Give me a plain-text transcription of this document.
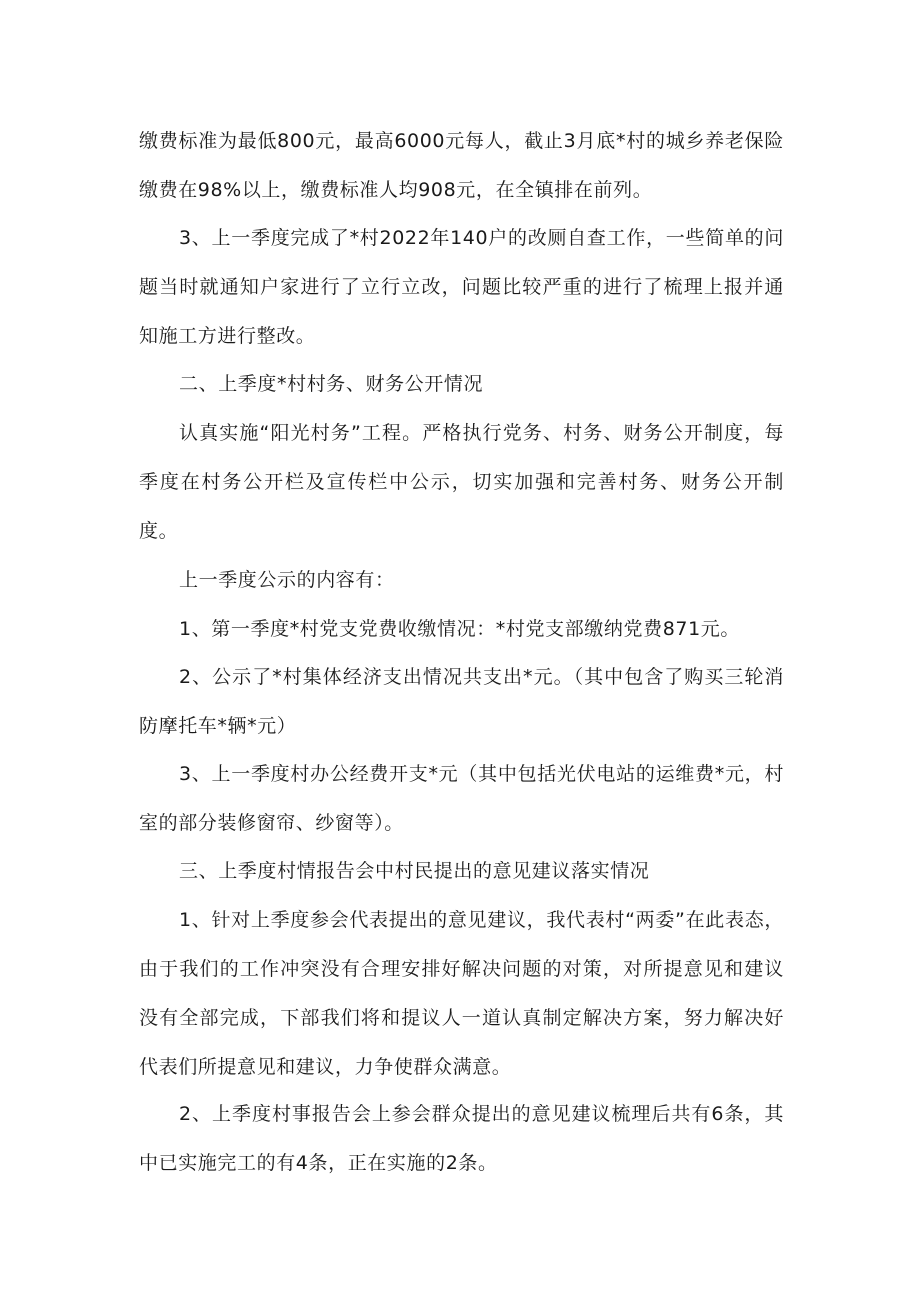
缴费标准为最低800元，最高6000元每人，截止3月底*村的城乡养老保险缴费在98%以上，缴费标准人均908元，在全镇排在前列。

3、上一季度完成了*村2022年140户的改厕自查工作，一些简单的问题当时就通知户家进行了立行立改，问题比较严重的进行了梳理上报并通知施工方进行整改。

二、上季度*村村务、财务公开情况

认真实施“阳光村务”工程。严格执行党务、村务、财务公开制度，每季度在村务公开栏及宣传栏中公示，切实加强和完善村务、财务公开制度。

上一季度公示的内容有：

1、第一季度*村党支党费收缴情况：*村党支部缴纳党费871元。

2、公示了*村集体经济支出情况共支出*元。（其中包含了购买三轮消防摩托车*辆*元）

3、上一季度村办公经费开支*元（其中包括光伏电站的运维费*元，村室的部分装修窗帘、纱窗等）。

三、上季度村情报告会中村民提出的意见建议落实情况

1、针对上季度参会代表提出的意见建议，我代表村“两委”在此表态，由于我们的工作冲突没有合理安排好解决问题的对策，对所提意见和建议没有全部完成，下部我们将和提议人一道认真制定解决方案，努力解决好代表们所提意见和建议，力争使群众满意。

2、上季度村事报告会上参会群众提出的意见建议梳理后共有6条，其中已实施完工的有4条，正在实施的2条。
